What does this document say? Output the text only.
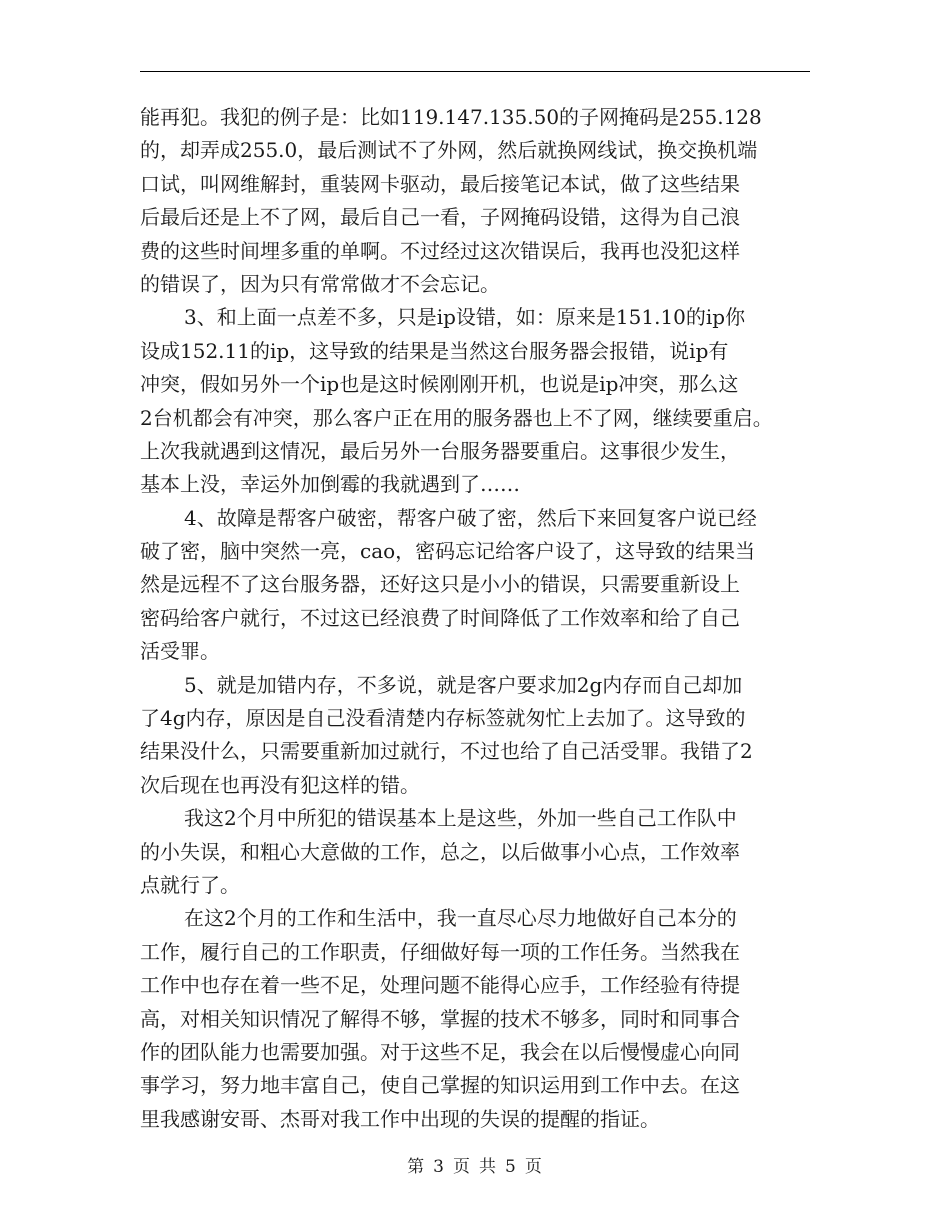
能再犯。我犯的例子是：比如119.147.135.50的子网掩码是255.128
的，却弄成255.0，最后测试不了外网，然后就换网线试，换交换机端
口试，叫网维解封，重装网卡驱动，最后接笔记本试，做了这些结果
后最后还是上不了网，最后自己一看，子网掩码设错，这得为自己浪
费的这些时间埋多重的单啊。不过经过这次错误后，我再也没犯这样
的错误了，因为只有常常做才不会忘记。
3、和上面一点差不多，只是ip设错，如：原来是151.10的ip你
设成152.11的ip，这导致的结果是当然这台服务器会报错，说ip有
冲突，假如另外一个ip也是这时候刚刚开机，也说是ip冲突，那么这
2台机都会有冲突，那么客户正在用的服务器也上不了网，继续要重启。
上次我就遇到这情况，最后另外一台服务器要重启。这事很少发生，
基本上没，幸运外加倒霉的我就遇到了……
4、故障是帮客户破密，帮客户破了密，然后下来回复客户说已经
破了密，脑中突然一亮，cao，密码忘记给客户设了，这导致的结果当
然是远程不了这台服务器，还好这只是小小的错误，只需要重新设上
密码给客户就行，不过这已经浪费了时间降低了工作效率和给了自己
活受罪。
5、就是加错内存，不多说，就是客户要求加2g内存而自己却加
了4g内存，原因是自己没看清楚内存标签就匆忙上去加了。这导致的
结果没什么，只需要重新加过就行，不过也给了自己活受罪。我错了2
次后现在也再没有犯这样的错。
我这2个月中所犯的错误基本上是这些，外加一些自己工作队中
的小失误，和粗心大意做的工作，总之，以后做事小心点，工作效率
点就行了。
在这2个月的工作和生活中，我一直尽心尽力地做好自己本分的
工作，履行自己的工作职责，仔细做好每一项的工作任务。当然我在
工作中也存在着一些不足，处理问题不能得心应手，工作经验有待提
高，对相关知识情况了解得不够，掌握的技术不够多，同时和同事合
作的团队能力也需要加强。对于这些不足，我会在以后慢慢虚心向同
事学习，努力地丰富自己，使自己掌握的知识运用到工作中去。在这
里我感谢安哥、杰哥对我工作中出现的失误的提醒的指证。
第 3 页 共 5 页
